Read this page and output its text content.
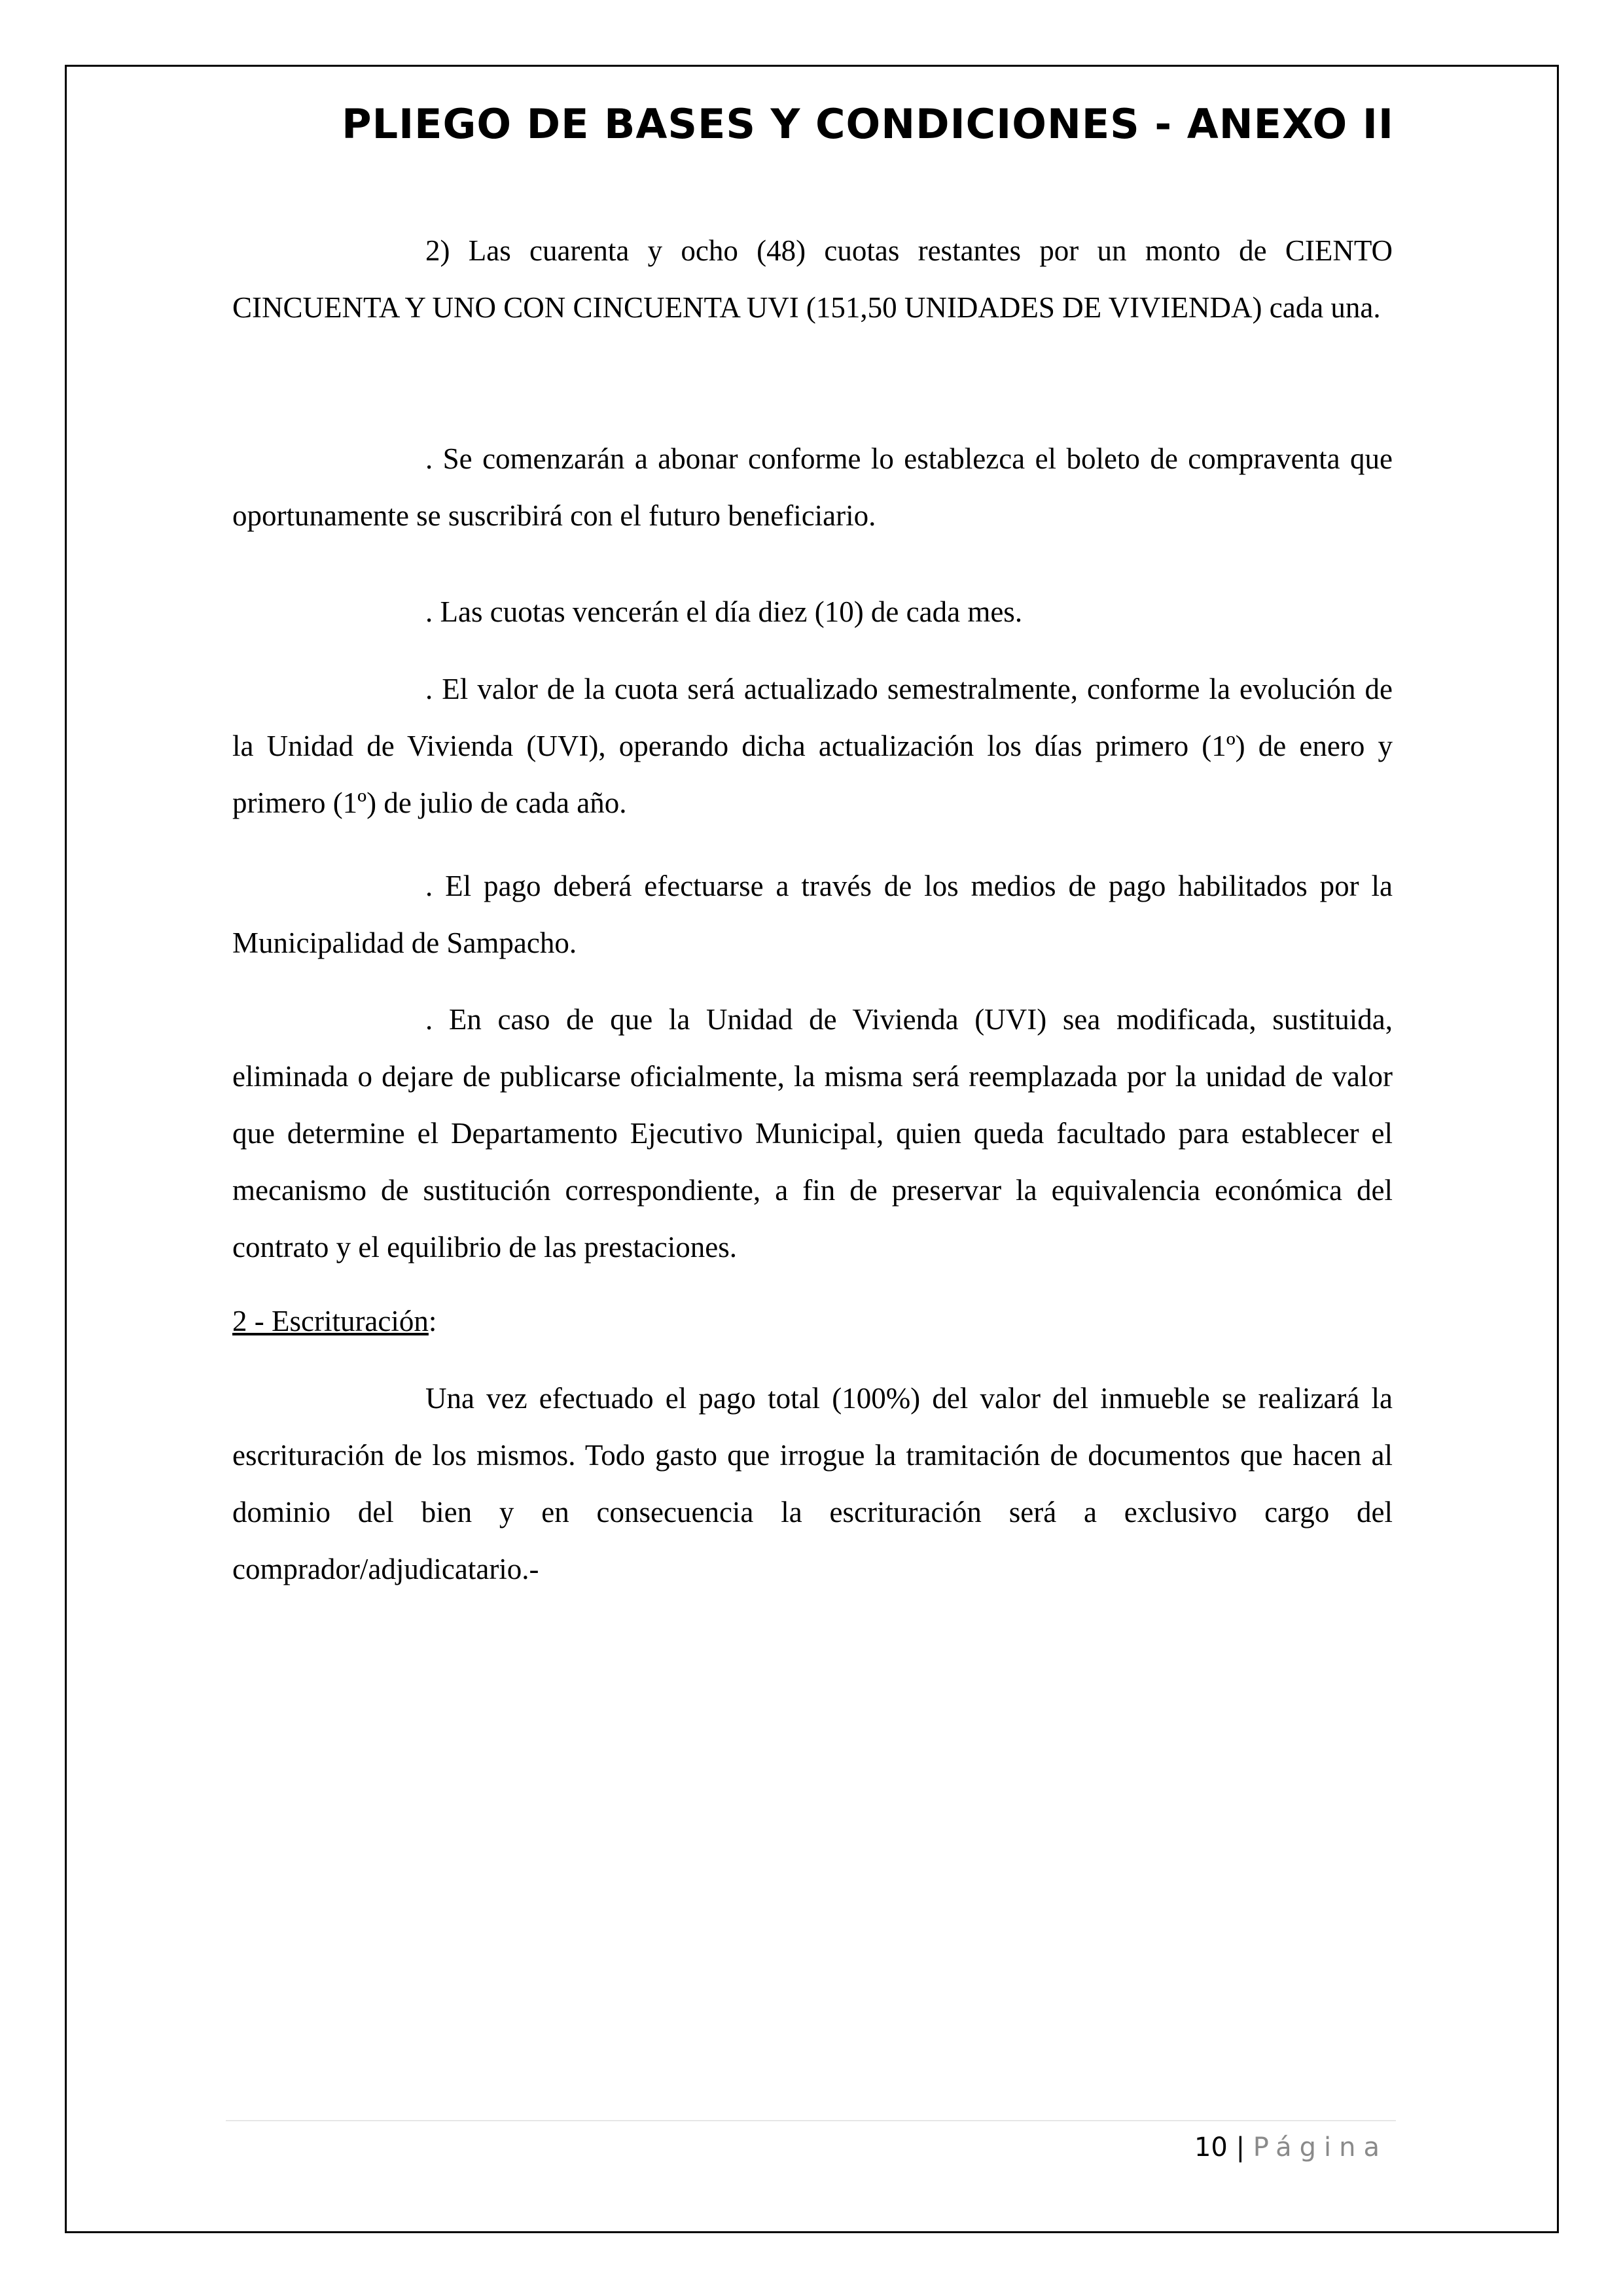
PLIEGO DE BASES Y CONDICIONES - ANEXO II

2) Las cuarenta y ocho (48) cuotas restantes por un monto de CIENTO CINCUENTA Y UNO CON CINCUENTA UVI (151,50 UNIDADES DE VIVIENDA) cada una.

. Se comenzarán a abonar conforme lo establezca el boleto de compraventa que oportunamente se suscribirá con el futuro beneficiario.

. Las cuotas vencerán el día diez (10) de cada mes.

. El valor de la cuota será actualizado semestralmente, conforme la evolución de la Unidad de Vivienda (UVI), operando dicha actualización los días primero (1º) de enero y primero (1º) de julio de cada año.

. El pago deberá efectuarse a través de los medios de pago habilitados por la Municipalidad de Sampacho.

. En caso de que la Unidad de Vivienda (UVI) sea modificada, sustituida, eliminada o dejare de publicarse oficialmente, la misma será reemplazada por la unidad de valor que determine el Departamento Ejecutivo Municipal, quien queda facultado para establecer el mecanismo de sustitución correspondiente, a fin de preservar la equivalencia económica del contrato y el equilibrio de las prestaciones.

2 - Escrituración:

Una vez efectuado el pago total (100%) del valor del inmueble se realizará la escrituración de los mismos. Todo gasto que irrogue la tramitación de documentos que hacen al dominio del bien y en consecuencia la escrituración será a exclusivo cargo del comprador/adjudicatario.-

10 | Página
